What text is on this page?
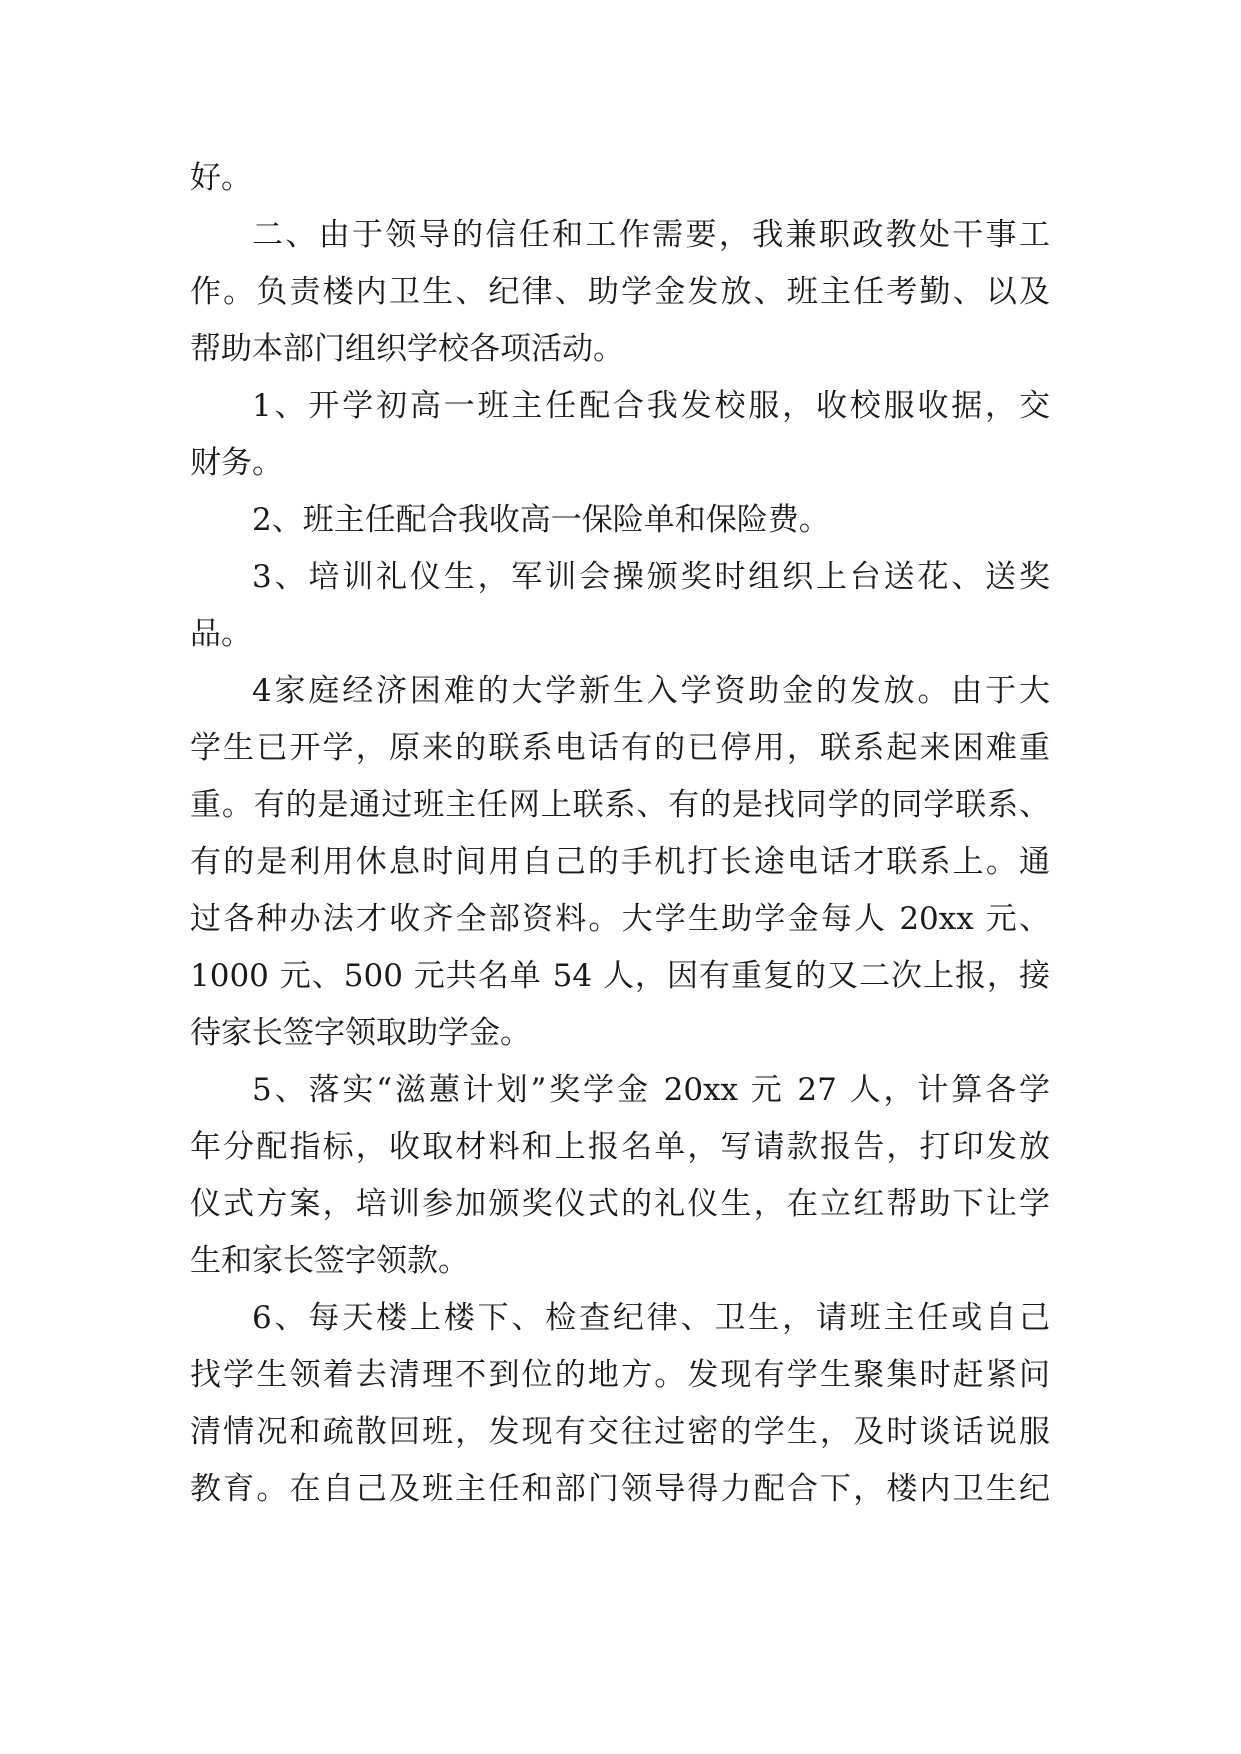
好。
二、由于领导的信任和工作需要，我兼职政教处干事工
作。负责楼内卫生、纪律、助学金发放、班主任考勤、以及
帮助本部门组织学校各项活动。
1、开学初高一班主任配合我发校服，收校服收据，交
财务。
2、班主任配合我收高一保险单和保险费。
3、培训礼仪生，军训会操颁奖时组织上台送花、送奖
品。
4家庭经济困难的大学新生入学资助金的发放。由于大
学生已开学，原来的联系电话有的已停用，联系起来困难重
重。有的是通过班主任网上联系、有的是找同学的同学联系、
有的是利用休息时间用自己的手机打长途电话才联系上。通
过各种办法才收齐全部资料。大学生助学金每人 20xx 元、
1000 元、500 元共名单 54 人，因有重复的又二次上报，接
待家长签字领取助学金。
5、落实“滋蕙计划”奖学金 20xx 元 27 人，计算各学
年分配指标，收取材料和上报名单，写请款报告，打印发放
仪式方案，培训参加颁奖仪式的礼仪生，在立红帮助下让学
生和家长签字领款。
6、每天楼上楼下、检查纪律、卫生，请班主任或自己
找学生领着去清理不到位的地方。发现有学生聚集时赶紧问
清情况和疏散回班，发现有交往过密的学生，及时谈话说服
教育。在自己及班主任和部门领导得力配合下，楼内卫生纪
